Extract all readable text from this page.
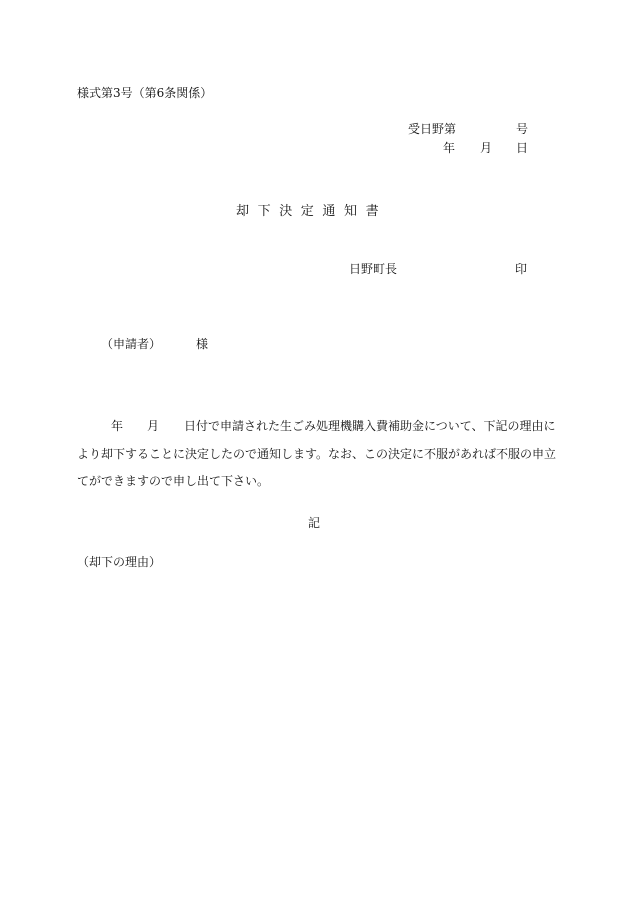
様式第3号（第6条関係）
受日野第	号
年 月 日
却下決定通知書
日野町長	印
（申請者）	様
年 月 日付で申請された生ごみ処理機購入費補助金について、下記の理由に
より却下することに決定したので通知します。なお、この決定に不服があれば不服の申立
てができますので申し出て下さい。
記
（却下の理由）
